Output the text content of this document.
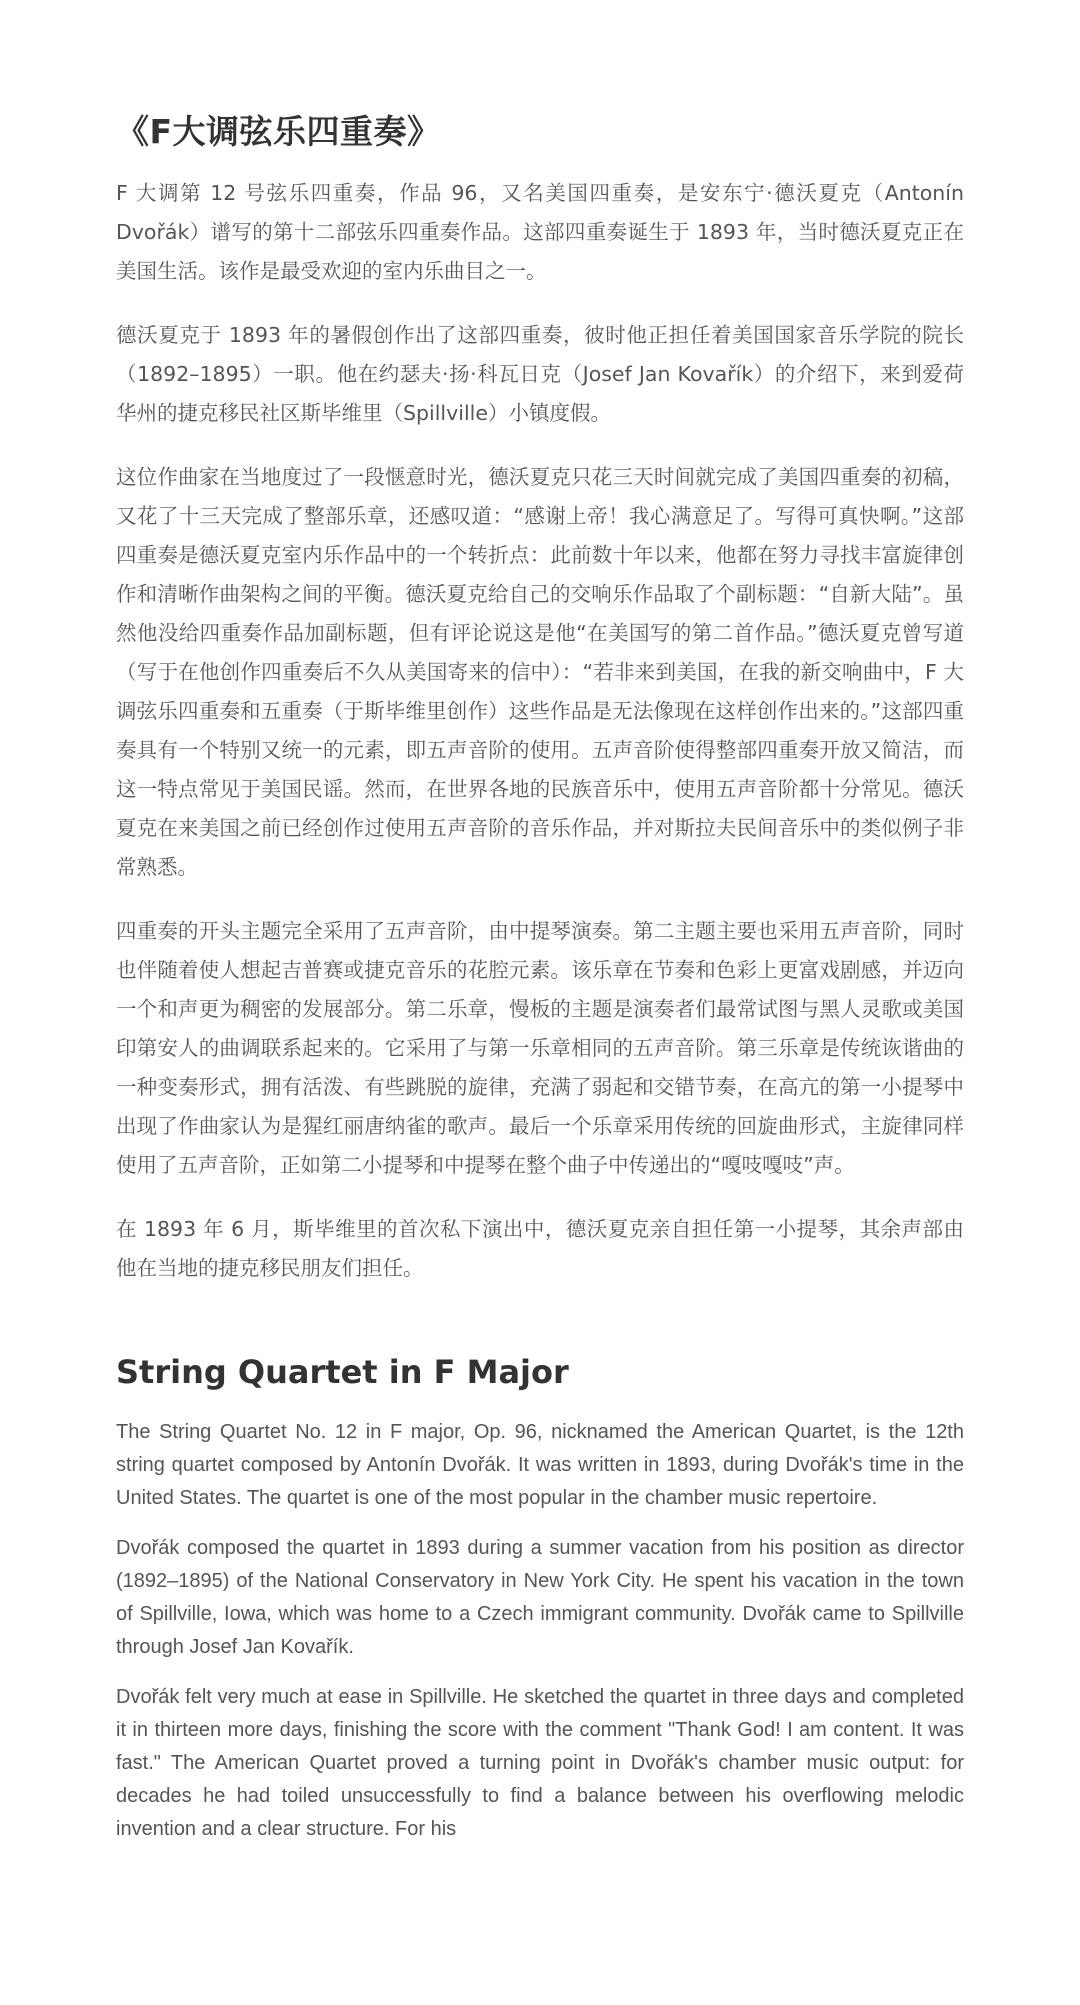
《F大调弦乐四重奏》

F 大调第 12 号弦乐四重奏，作品 96，又名美国四重奏，是安东宁·德沃夏克（Antonín Dvořák）谱写的第十二部弦乐四重奏作品。这部四重奏诞生于 1893 年，当时德沃夏克正在美国生活。该作是最受欢迎的室内乐曲目之一。

德沃夏克于 1893 年的暑假创作出了这部四重奏，彼时他正担任着美国国家音乐学院的院长（1892–1895）一职。他在约瑟夫·扬·科瓦日克（Josef Jan Kovařík）的介绍下，来到爱荷华州的捷克移民社区斯毕维里（Spillville）小镇度假。

这位作曲家在当地度过了一段惬意时光，德沃夏克只花三天时间就完成了美国四重奏的初稿，又花了十三天完成了整部乐章，还感叹道：“感谢上帝！我心满意足了。写得可真快啊。”这部四重奏是德沃夏克室内乐作品中的一个转折点：此前数十年以来，他都在努力寻找丰富旋律创作和清晰作曲架构之间的平衡。德沃夏克给自己的交响乐作品取了个副标题：“自新大陆”。虽然他没给四重奏作品加副标题，但有评论说这是他“在美国写的第二首作品。”德沃夏克曾写道（写于在他创作四重奏后不久从美国寄来的信中）：“若非来到美国，在我的新交响曲中，F 大调弦乐四重奏和五重奏（于斯毕维里创作）这些作品是无法像现在这样创作出来的。”这部四重奏具有一个特别又统一的元素，即五声音阶的使用。五声音阶使得整部四重奏开放又简洁，而这一特点常见于美国民谣。然而，在世界各地的民族音乐中，使用五声音阶都十分常见。德沃夏克在来美国之前已经创作过使用五声音阶的音乐作品，并对斯拉夫民间音乐中的类似例子非常熟悉。

四重奏的开头主题完全采用了五声音阶，由中提琴演奏。第二主题主要也采用五声音阶，同时也伴随着使人想起吉普赛或捷克音乐的花腔元素。该乐章在节奏和色彩上更富戏剧感，并迈向一个和声更为稠密的发展部分。第二乐章，慢板的主题是演奏者们最常试图与黑人灵歌或美国印第安人的曲调联系起来的。它采用了与第一乐章相同的五声音阶。第三乐章是传统诙谐曲的一种变奏形式，拥有活泼、有些跳脱的旋律，充满了弱起和交错节奏，在高亢的第一小提琴中出现了作曲家认为是猩红丽唐纳雀的歌声。最后一个乐章采用传统的回旋曲形式，主旋律同样使用了五声音阶，正如第二小提琴和中提琴在整个曲子中传递出的“嘎吱嘎吱”声。

在 1893 年 6 月，斯毕维里的首次私下演出中，德沃夏克亲自担任第一小提琴，其余声部由他在当地的捷克移民朋友们担任。

String Quartet in F Major

The String Quartet No. 12 in F major, Op. 96, nicknamed the American Quartet, is the 12th string quartet composed by Antonín Dvořák. It was written in 1893, during Dvořák's time in the United States. The quartet is one of the most popular in the chamber music repertoire.

Dvořák composed the quartet in 1893 during a summer vacation from his position as director (1892–1895) of the National Conservatory in New York City. He spent his vacation in the town of Spillville, Iowa, which was home to a Czech immigrant community. Dvořák came to Spillville through Josef Jan Kovařík.

Dvořák felt very much at ease in Spillville. He sketched the quartet in three days and completed it in thirteen more days, finishing the score with the comment "Thank God! I am content. It was fast." The American Quartet proved a turning point in Dvořák's chamber music output: for decades he had toiled unsuccessfully to find a balance between his overflowing melodic invention and a clear structure. For his
